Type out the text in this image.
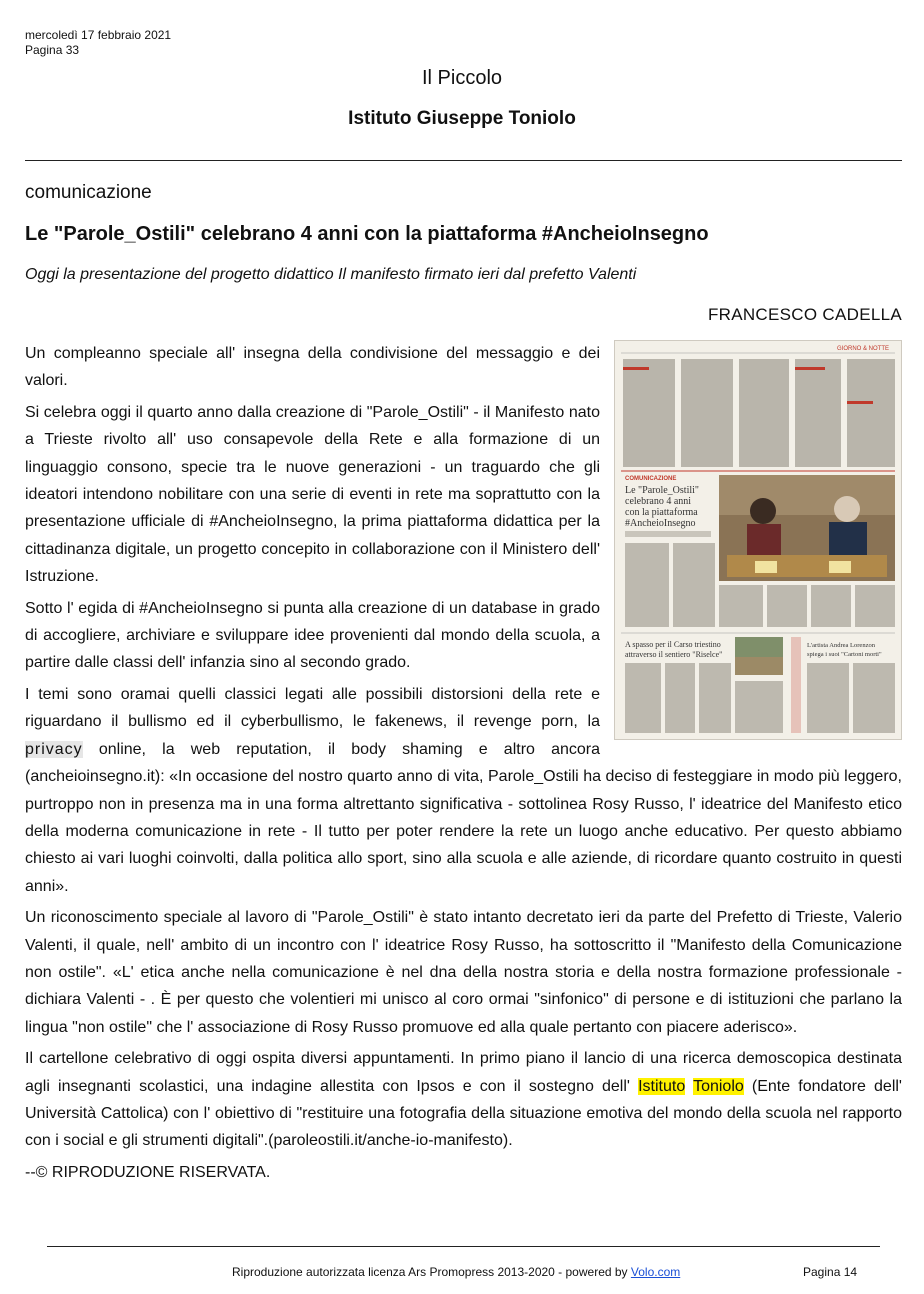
mercoledì 17 febbraio 2021
Pagina 33
Il Piccolo
Istituto Giuseppe Toniolo
comunicazione
Le "Parole_Ostili" celebrano 4 anni con la piattaforma #AncheioInsegno
Oggi la presentazione del progetto didattico Il manifesto firmato ieri dal prefetto Valenti
FRANCESCO CADELLA
GIORNO & NOTTE
COMUNICAZIONE
Le "Parole_Ostili" celebrano 4 anni con la piattaforma #AncheioInsegno
A spasso per il Carso triestino attraverso il sentiero "Riselce"
L'artista Andrea Lorenzon spiega i suoi "Cartoni morti"

Un compleanno speciale all' insegna della condivisione del messaggio e dei valori.

Si celebra oggi il quarto anno dalla creazione di "Parole_Ostili" - il Manifesto nato a Trieste rivolto all' uso consapevole della Rete e alla formazione di un linguaggio consono, specie tra le nuove generazioni - un traguardo che gli ideatori intendono nobilitare con una serie di eventi in rete ma soprattutto con la presentazione ufficiale di #AncheioInsegno, la prima piattaforma didattica per la cittadinanza digitale, un progetto concepito in collaborazione con il Ministero dell' Istruzione.

Sotto l' egida di #AncheioInsegno si punta alla creazione di un database in grado di accogliere, archiviare e sviluppare idee provenienti dal mondo della scuola, a partire dalle classi dell' infanzia sino al secondo grado.

I temi sono oramai quelli classici legati alle possibili distorsioni della rete e riguardano il bullismo ed il cyberbullismo, le fakenews, il revenge porn, la privacy online, la web reputation, il body shaming e altro ancora (ancheioinsegno.it): «In occasione del nostro quarto anno di vita, Parole_Ostili ha deciso di festeggiare in modo più leggero, purtroppo non in presenza ma in una forma altrettanto significativa - sottolinea Rosy Russo, l' ideatrice del Manifesto etico della moderna comunicazione in rete - Il tutto per poter rendere la rete un luogo anche educativo. Per questo abbiamo chiesto ai vari luoghi coinvolti, dalla politica allo sport, sino alla scuola e alle aziende, di ricordare quanto costruito in questi anni».

Un riconoscimento speciale al lavoro di "Parole_Ostili" è stato intanto decretato ieri da parte del Prefetto di Trieste, Valerio Valenti, il quale, nell' ambito di un incontro con l' ideatrice Rosy Russo, ha sottoscritto il "Manifesto della Comunicazione non ostile". «L' etica anche nella comunicazione è nel dna della nostra storia e della nostra formazione professionale - dichiara Valenti - . È per questo che volentieri mi unisco al coro ormai "sinfonico" di persone e di istituzioni che parlano la lingua "non ostile" che l' associazione di Rosy Russo promuove ed alla quale pertanto con piacere aderisco».

Il cartellone celebrativo di oggi ospita diversi appuntamenti. In primo piano il lancio di una ricerca demoscopica destinata agli insegnanti scolastici, una indagine allestita con Ipsos e con il sostegno dell' Istituto Toniolo (Ente fondatore dell' Università Cattolica) con l' obiettivo di "restituire una fotografia della situazione emotiva del mondo della scuola nel rapporto con i social e gli strumenti digitali".(paroleostili.it/anche-io-manifesto).

--© RIPRODUZIONE RISERVATA.

Riproduzione autorizzata licenza Ars Promopress 2013-2020 - powered by Volo.com	Pagina 14
